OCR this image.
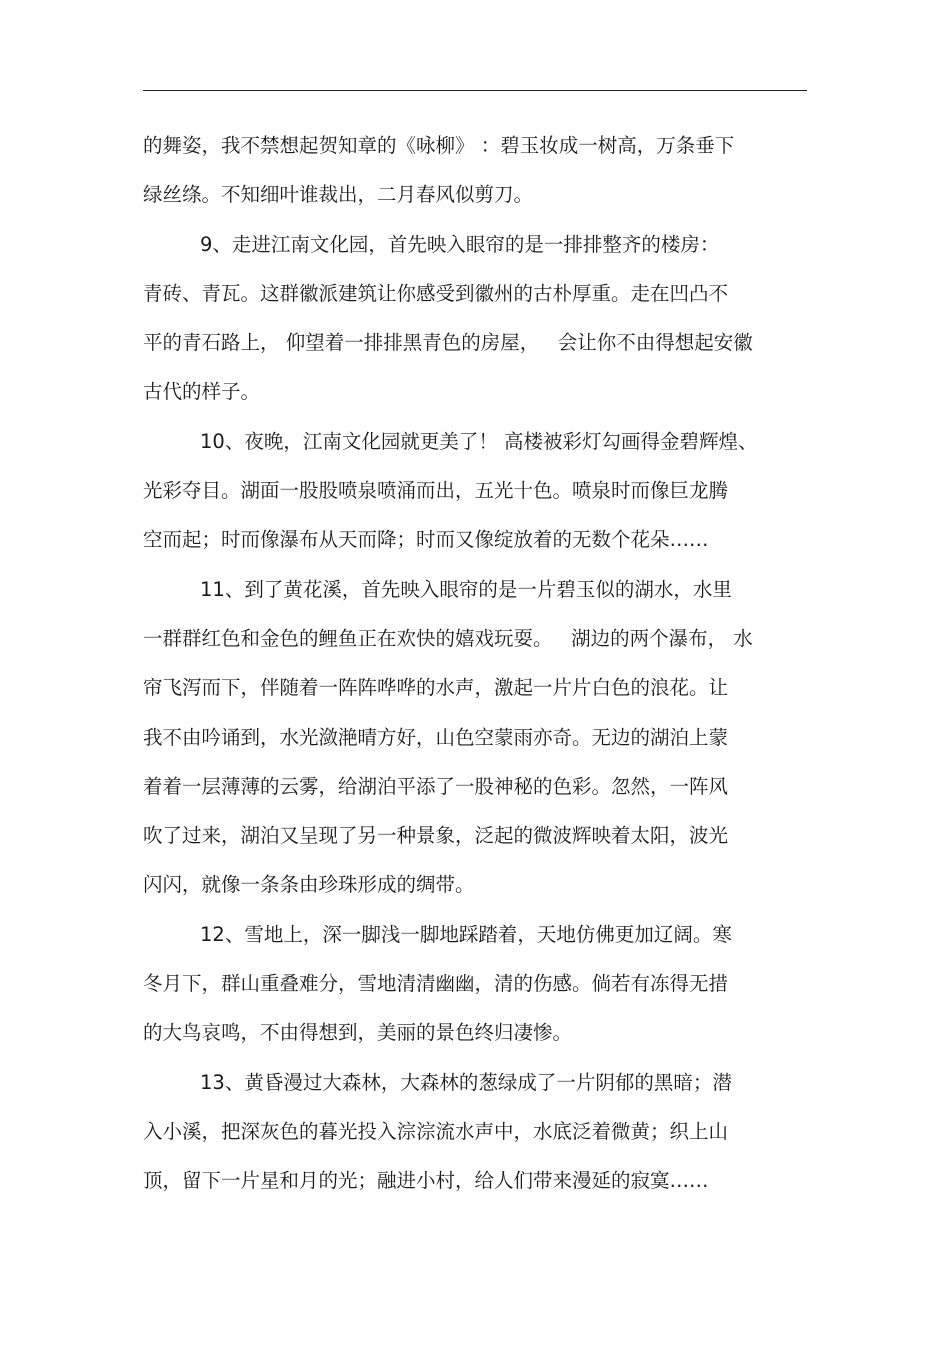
的舞姿，我不禁想起贺知章的《咏柳》 ：碧玉妆成一树高，万条垂下
绿丝绦。不知细叶谁裁出，二月春风似剪刀。
9、走进江南文化园，首先映入眼帘的是一排排整齐的楼房：
青砖、青瓦。这群徽派建筑让你感受到徽州的古朴厚重。走在凹凸不
平的青石路上， 仰望着一排排黑青色的房屋，   会让你不由得想起安徽
古代的样子。
10、夜晚，江南文化园就更美了！ 高楼被彩灯勾画得金碧辉煌、
光彩夺目。湖面一股股喷泉喷涌而出，五光十色。喷泉时而像巨龙腾
空而起；时而像瀑布从天而降；时而又像绽放着的无数个花朵……
11、到了黄花溪，首先映入眼帘的是一片碧玉似的湖水，水里
一群群红色和金色的鲤鱼正在欢快的嬉戏玩耍。   湖边的两个瀑布， 水
帘飞泻而下，伴随着一阵阵哗哗的水声，激起一片片白色的浪花。让
我不由吟诵到，水光潋滟晴方好，山色空蒙雨亦奇。无边的湖泊上蒙
着着一层薄薄的云雾，给湖泊平添了一股神秘的色彩。忽然，一阵风
吹了过来，湖泊又呈现了另一种景象，泛起的微波辉映着太阳，波光
闪闪，就像一条条由珍珠形成的绸带。
12、雪地上，深一脚浅一脚地踩踏着，天地仿佛更加辽阔。寒
冬月下，群山重叠难分，雪地清清幽幽，清的伤感。倘若有冻得无措
的大鸟哀鸣，不由得想到，美丽的景色终归凄惨。
13、黄昏漫过大森林，大森林的葱绿成了一片阴郁的黑暗；潜
入小溪，把深灰色的暮光投入淙淙流水声中，水底泛着微黄；织上山
顶，留下一片星和月的光；融进小村，给人们带来漫延的寂寞……
